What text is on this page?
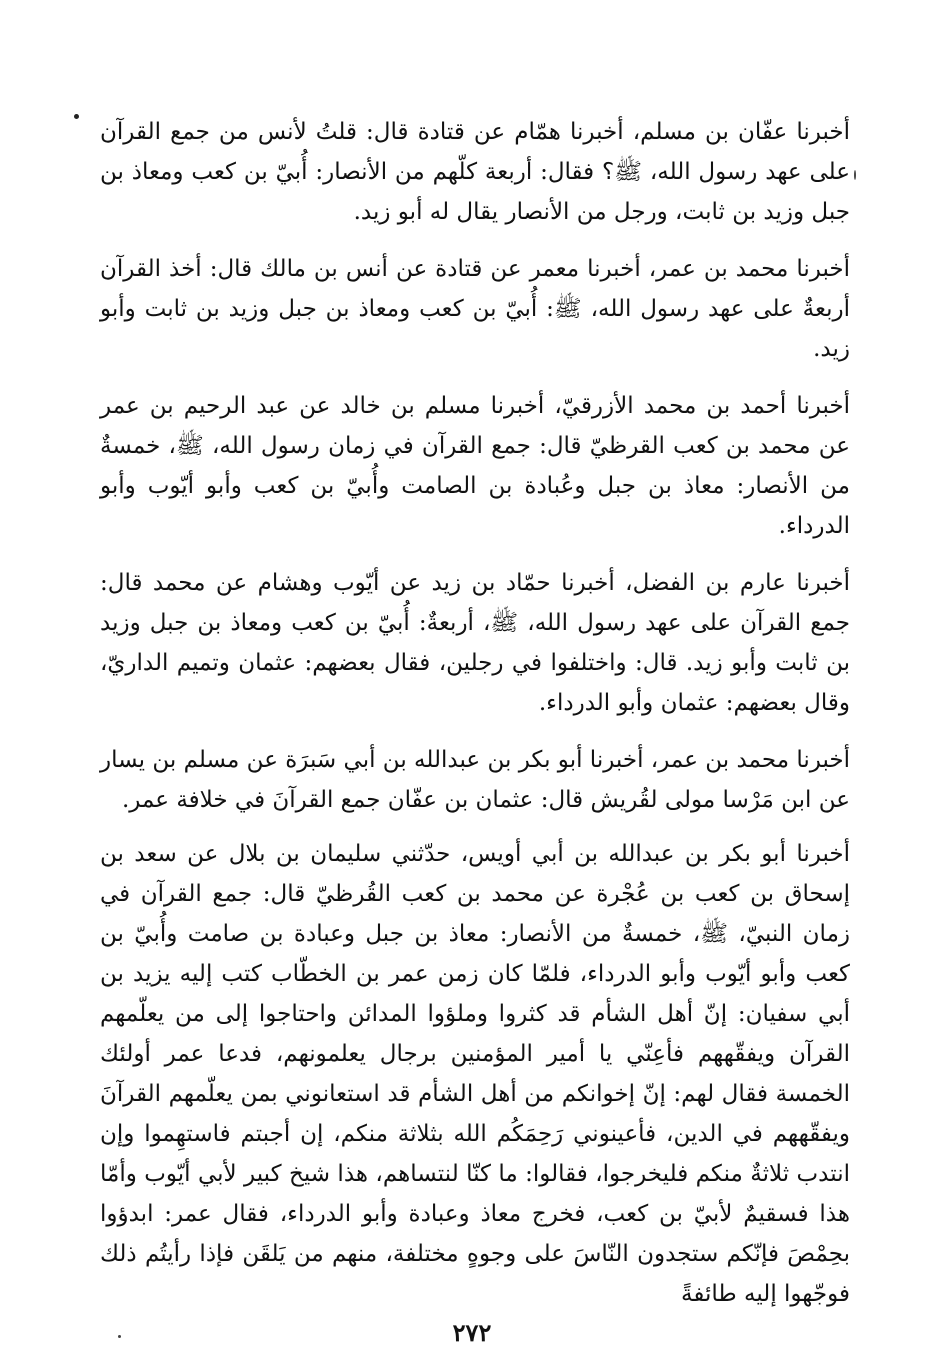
أخبرنا عفّان بن مسلم، أخبرنا همّام عن قتادة قال: قلتُ لأنس من جمع القرآن على عهد رسول الله، ﷺ؟ فقال: أربعة كلّهم من الأنصار: أُبيّ بن كعب ومعاذ بن جبل وزيد بن ثابت، ورجل من الأنصار يقال له أبو زيد.

أخبرنا محمد بن عمر، أخبرنا معمر عن قتادة عن أنس بن مالك قال: أخذ القرآن أربعةٌ على عهد رسول الله، ﷺ: أُبيّ بن كعب ومعاذ بن جبل وزيد بن ثابت وأبو زيد.

أخبرنا أحمد بن محمد الأزرقيّ، أخبرنا مسلم بن خالد عن عبد الرحيم بن عمر عن محمد بن كعب القرظيّ قال: جمع القرآن في زمان رسول الله، ﷺ، خمسةٌ من الأنصار: معاذ بن جبل وعُبادة بن الصامت وأُبيّ بن كعب وأبو أيّوب وأبو الدرداء.

أخبرنا عارم بن الفضل، أخبرنا حمّاد بن زيد عن أيّوب وهشام عن محمد قال: جمع القرآن على عهد رسول الله، ﷺ، أربعةٌ: أُبيّ بن كعب ومعاذ بن جبل وزيد بن ثابت وأبو زيد. قال: واختلفوا في رجلين، فقال بعضهم: عثمان وتميم الداريّ، وقال بعضهم: عثمان وأبو الدرداء.

أخبرنا محمد بن عمر، أخبرنا أبو بكر بن عبدالله بن أبي سَبرَة عن مسلم بن يسار عن ابن مَرْسا مولى لقُريش قال: عثمان بن عفّان جمع القرآنَ في خلافة عمر.

أخبرنا أبو بكر بن عبدالله بن أبي أويس، حدّثني سليمان بن بلال عن سعد بن إسحاق بن كعب بن عُجْرة عن محمد بن كعب القُرظيّ قال: جمع القرآن في زمان النبيّ، ﷺ، خمسةٌ من الأنصار: معاذ بن جبل وعبادة بن صامت وأُبيّ بن كعب وأبو أيّوب وأبو الدرداء، فلمّا كان زمن عمر بن الخطّاب كتب إليه يزيد بن أبي سفيان: إنّ أهل الشأم قد كثروا وملؤوا المدائن واحتاجوا إلى من يعلّمهم القرآن ويفقّههم فأعِنّي يا أمير المؤمنين برجال يعلمونهم، فدعا عمر أولئك الخمسة فقال لهم: إنّ إخوانكم من أهل الشأم قد استعانوني بمن يعلّمهم القرآنَ ويفقّههم في الدين، فأعينوني رَحِمَكُم الله بثلاثة منكم، إن أجبتم فاستهِموا وإن انتدب ثلاثةٌ منكم فليخرجوا، فقالوا: ما كنّا لنتساهم، هذا شيخ كبير لأبي أيّوب وأمّا هذا فسقيمٌ لأبيّ بن كعب، فخرج معاذ وعبادة وأبو الدرداء، فقال عمر: ابدؤوا بحِمْصَ فإنّكم ستجدون النّاسَ على وجوهٍ مختلفة، منهم من يَلقَن فإذا رأيتُم ذلك فوجّهوا إليه طائفةً

٢٧٢
